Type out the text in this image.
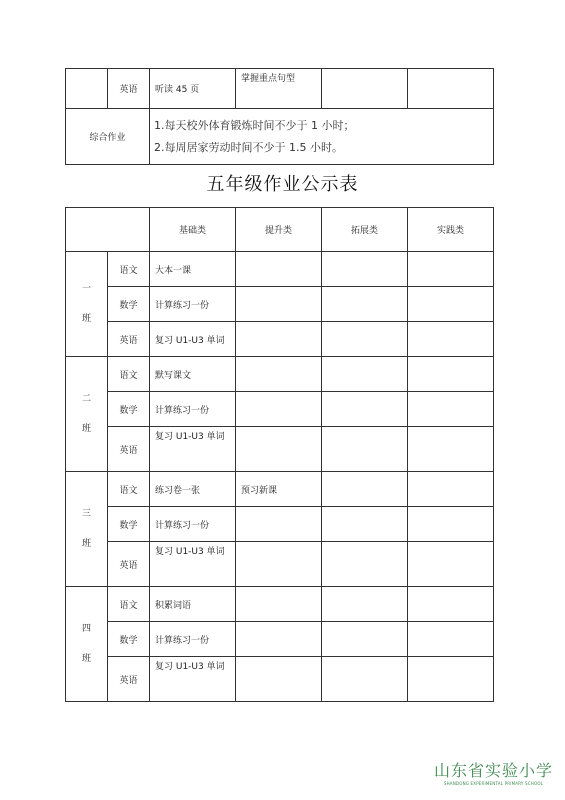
	英语	听读 45 页	掌握重点句型		
综合作业		1.每天校外体育锻炼时间不少于 1 小时；
2.每周居家劳动时间不少于 1.5 小时。			
五年级作业公示表
		基础类	提升类	拓展类	实践类

一
班	语文	大本一课			
	数学	计算练习一份			
	英语	复习 U1-U3 单词			

二
班	语文	默写课文			
	数学	计算练习一份			
	英语	复习 U1-U3 单词			

三
班	语文	练习卷一张	预习新课		
	数学	计算练习一份			
	英语	复习 U1-U3 单词			

四
班	语文	积累词语			
	数学	计算练习一份			
	英语	复习 U1-U3 单词			
山东省实验小学
SHANDONG EXPERIMENTAL PRIMARY SCHOOL
